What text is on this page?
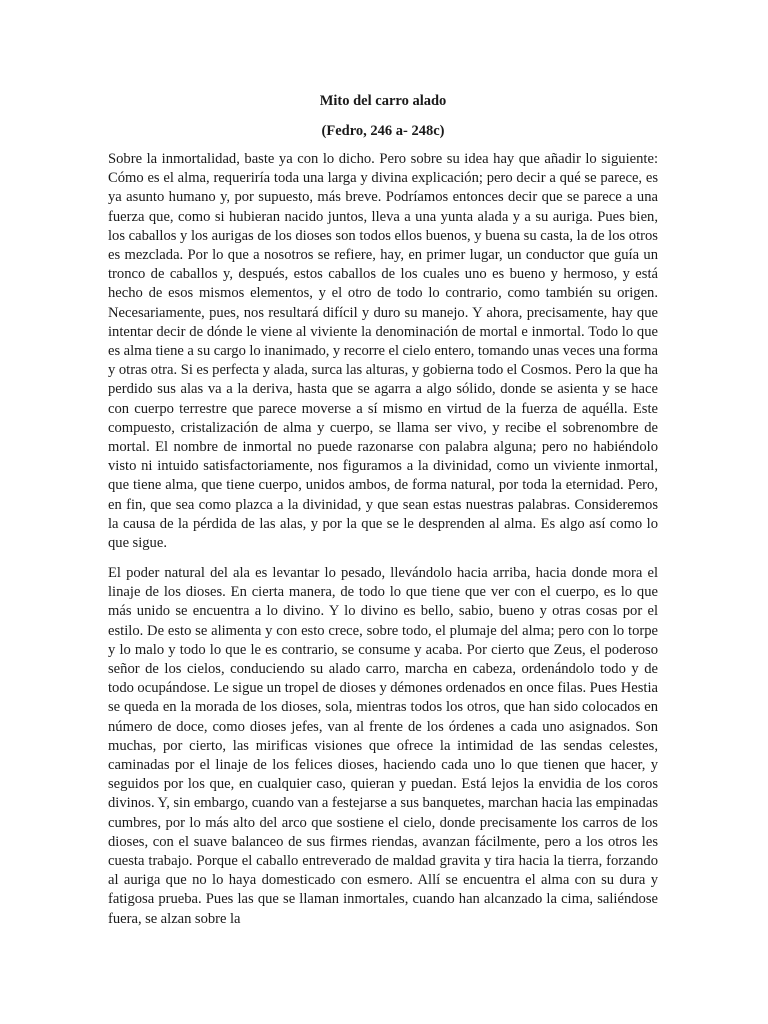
Mito del carro alado
(Fedro, 246 a- 248c)

Sobre la inmortalidad, baste ya con lo dicho. Pero sobre su idea hay que añadir lo siguiente: Cómo es el alma, requeriría toda una larga y divina explicación; pero decir a qué se parece, es ya asunto humano y, por supuesto, más breve. Podríamos entonces decir que se parece a una fuerza que, como si hubieran nacido juntos, lleva a una yunta alada y a su auriga. Pues bien, los caballos y los aurigas de los dioses son todos ellos buenos, y buena su casta, la de los otros es mezclada. Por lo que a nosotros se refiere, hay, en primer lugar, un conductor que guía un tronco de caballos y, después, estos caballos de los cuales uno es bueno y hermoso, y está hecho de esos mismos elementos, y el otro de todo lo contrario, como también su origen. Necesariamente, pues, nos resultará difícil y duro su manejo. Y ahora, precisamente, hay que intentar decir de dónde le viene al viviente la denominación de mortal e inmortal. Todo lo que es alma tiene a su cargo lo inanimado, y recorre el cielo entero, tomando unas veces una forma y otras otra. Si es perfecta y alada, surca las alturas, y gobierna todo el Cosmos. Pero la que ha perdido sus alas va a la deriva, hasta que se agarra a algo sólido, donde se asienta y se hace con cuerpo terrestre que parece moverse a sí mismo en virtud de la fuerza de aquélla. Este compuesto, cristalización de alma y cuerpo, se llama ser vivo, y recibe el sobrenombre de mortal. El nombre de inmortal no puede razonarse con palabra alguna; pero no habiéndolo visto ni intuido satisfactoriamente, nos figuramos a la divinidad, como un viviente inmortal, que tiene alma, que tiene cuerpo, unidos ambos, de forma natural, por toda la eternidad. Pero, en fin, que sea como plazca a la divinidad, y que sean estas nuestras palabras. Consideremos la causa de la pérdida de las alas, y por la que se le desprenden al alma. Es algo así como lo que sigue.

El poder natural del ala es levantar lo pesado, llevándolo hacia arriba, hacia donde mora el linaje de los dioses. En cierta manera, de todo lo que tiene que ver con el cuerpo, es lo que más unido se encuentra a lo divino. Y lo divino es bello, sabio, bueno y otras cosas por el estilo. De esto se alimenta y con esto crece, sobre todo, el plumaje del alma; pero con lo torpe y lo malo y todo lo que le es contrario, se consume y acaba. Por cierto que Zeus, el poderoso señor de los cielos, conduciendo su alado carro, marcha en cabeza, ordenándolo todo y de todo ocupándose. Le sigue un tropel de dioses y démones ordenados en once filas. Pues Hestia se queda en la morada de los dioses, sola, mientras todos los otros, que han sido colocados en número de doce, como dioses jefes, van al frente de los órdenes a cada uno asignados. Son muchas, por cierto, las mirificas visiones que ofrece la intimidad de las sendas celestes, caminadas por el linaje de los felices dioses, haciendo cada uno lo que tienen que hacer, y seguidos por los que, en cualquier caso, quieran y puedan. Está lejos la envidia de los coros divinos. Y, sin embargo, cuando van a festejarse a sus banquetes, marchan hacia las empinadas cumbres, por lo más alto del arco que sostiene el cielo, donde precisamente los carros de los dioses, con el suave balanceo de sus firmes riendas, avanzan fácilmente, pero a los otros les cuesta trabajo. Porque el caballo entreverado de maldad gravita y tira hacia la tierra, forzando al auriga que no lo haya domesticado con esmero. Allí se encuentra el alma con su dura y fatigosa prueba. Pues las que se llaman inmortales, cuando han alcanzado la cima, saliéndose fuera, se alzan sobre la
